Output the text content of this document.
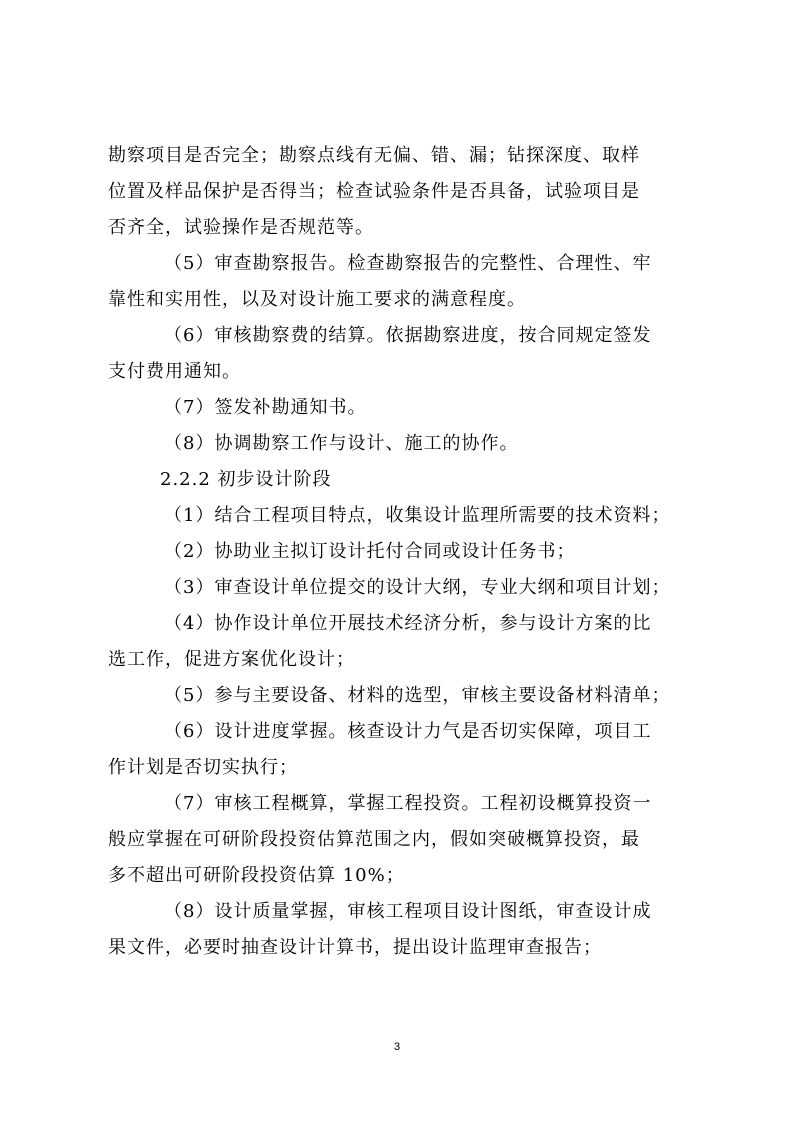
勘察项目是否完全；勘察点线有无偏、错、漏；钻探深度、取样
位置及样品保护是否得当；检查试验条件是否具备，试验项目是
否齐全，试验操作是否规范等。
（5）审查勘察报告。检查勘察报告的完整性、合理性、牢
靠性和实用性，以及对设计施工要求的满意程度。
（6）审核勘察费的结算。依据勘察进度，按合同规定签发
支付费用通知。
（7）签发补勘通知书。
（8）协调勘察工作与设计、施工的协作。
2.2.2 初步设计阶段
（1）结合工程项目特点，收集设计监理所需要的技术资料；
（2）协助业主拟订设计托付合同或设计任务书；
（3）审查设计单位提交的设计大纲，专业大纲和项目计划；
（4）协作设计单位开展技术经济分析，参与设计方案的比
选工作，促进方案优化设计；
（5）参与主要设备、材料的选型，审核主要设备材料清单；
（6）设计进度掌握。核查设计力气是否切实保障，项目工
作计划是否切实执行；
（7）审核工程概算，掌握工程投资。工程初设概算投资一
般应掌握在可研阶段投资估算范围之内，假如突破概算投资，最
多不超出可研阶段投资估算 10%；
（8）设计质量掌握，审核工程项目设计图纸，审查设计成
果文件，必要时抽查设计计算书，提出设计监理审查报告；
3
